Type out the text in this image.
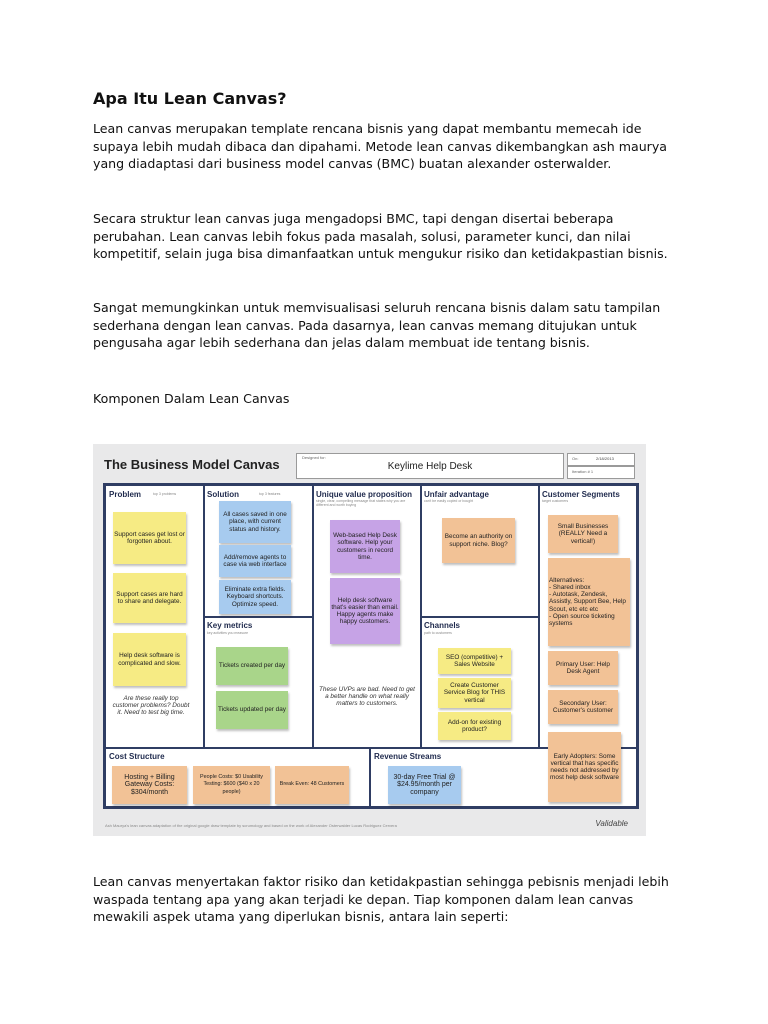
Apa Itu Lean Canvas?

Lean canvas merupakan template rencana bisnis yang dapat membantu memecah ide supaya lebih mudah dibaca dan dipahami. Metode lean canvas dikembangkan ash maurya yang diadaptasi dari business model canvas (BMC) buatan alexander osterwalder.

Secara struktur lean canvas juga mengadopsi BMC, tapi dengan disertai beberapa perubahan. Lean canvas lebih fokus pada masalah, solusi, parameter kunci, dan nilai kompetitif, selain juga bisa dimanfaatkan untuk mengukur risiko dan ketidakpastian bisnis.

Sangat memungkinkan untuk memvisualisasi seluruh rencana bisnis dalam satu tampilan sederhana dengan lean canvas. Pada dasarnya, lean canvas memang ditujukan untuk pengusaha agar lebih sederhana dan jelas dalam membuat ide tentang bisnis.

Komponen Dalam Lean Canvas

The Business Model Canvas	Designed for:
Keylime Help Desk
On:	2/18/2013
Iteration # 1
Problem	top 3 problems	Solution	top 3 features	Unique value proposition
single, clear, compelling message that states why you are different and worth buying
Unfair advantage
can't be easily copied or bought
Customer Segments
target customers
Key metrics
key activities you measure
Channels
path to customers
Cost Structure	Revenue Streams
Support cases get lost or forgotten about.
Support cases are hard to share and delegate.
Help desk software is complicated and slow.
Are these really top customer problems? Doubt it. Need to test big time.
All cases saved in one place, with current status and history.
Add/remove agents to case via web interface
Eliminate extra fields. Keyboard shortcuts. Optimize speed.
Tickets created per day
Tickets updated per day
Web-based Help Desk software. Help your customers in record time.
Help desk software that's easier than email. Happy agents make happy customers.
These UVPs are bad. Need to get a better handle on what really matters to customers.
Become an authority on support niche. Blog?
SEO (competitive) + Sales Website
Create Customer Service Blog for THIS vertical
Add-on for existing product?
Small Businesses (REALLY Need a vertical!)
Alternatives:
- Shared inbox
- Autotask, Zendesk, Assistly, Support Bee, Help Scout, etc etc etc
- Open source ticketing systems
Primary User: Help Desk Agent
Secondary User: Customer's customer
Early Adopters: Some vertical that has specific needs not addressed by most help desk software
Hosting + Billing Gateway Costs: $304/month
People Costs: $0 Usability Testing: $600 ($40 x 20 people)
Break Even: 48 Customers
30-day Free Trial @ $24.95/month per company
Ash Maurya's lean canvas adaptation of the original google draw template by scrumology and based on the work of Alexander Osterwalder Lucas Rodriguez Cervera	Validable

Lean canvas menyertakan faktor risiko dan ketidakpastian sehingga pebisnis menjadi lebih waspada tentang apa yang akan terjadi ke depan. Tiap komponen dalam lean canvas mewakili aspek utama yang diperlukan bisnis, antara lain seperti:
